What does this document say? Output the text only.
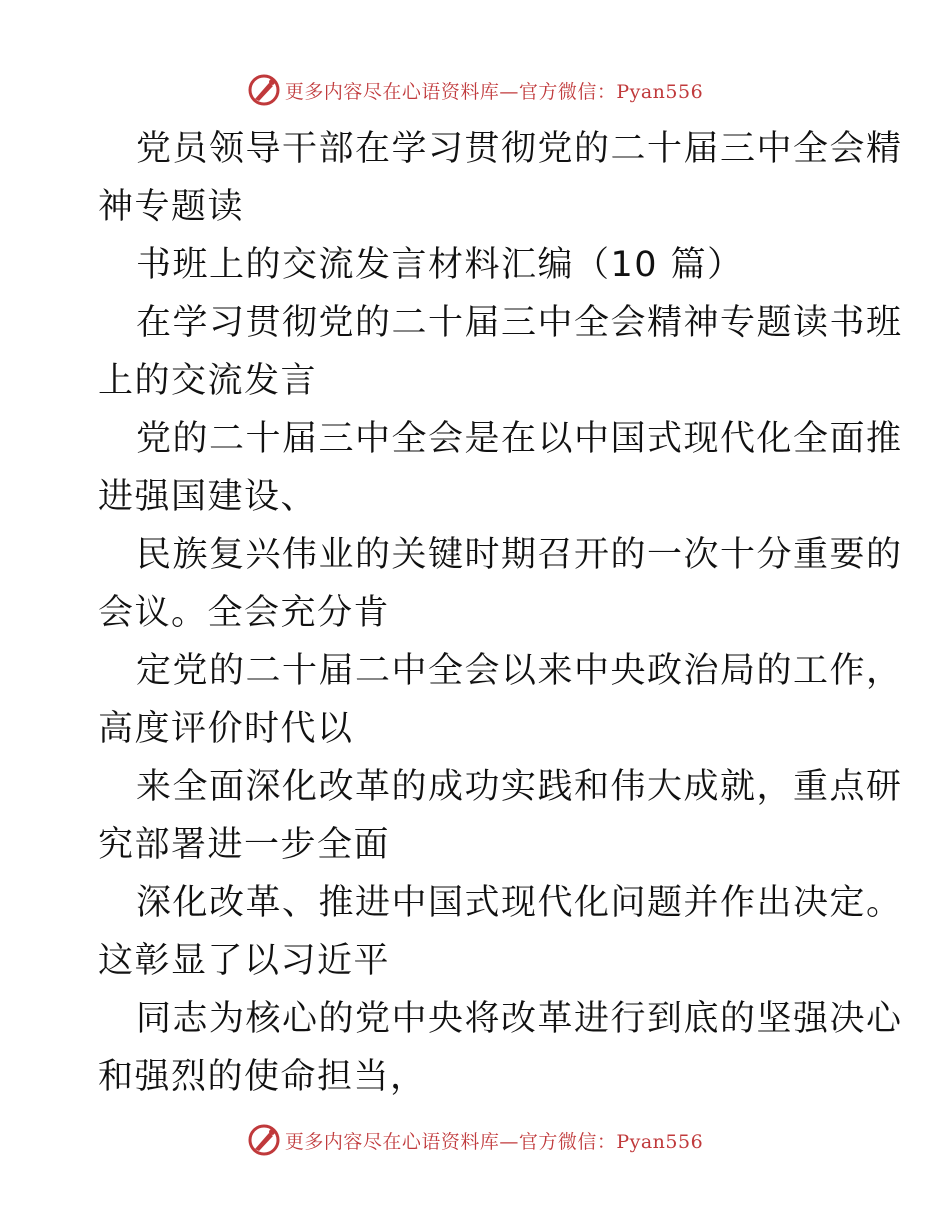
更多内容尽在心语资料库—官方微信：Pyan556

党员领导干部在学习贯彻党的二十届三中全会精
神专题读

书班上的交流发言材料汇编（10 篇）

在学习贯彻党的二十届三中全会精神专题读书班
上的交流发言

党的二十届三中全会是在以中国式现代化全面推
进强国建设、

民族复兴伟业的关键时期召开的一次十分重要的
会议。全会充分肯

定党的二十届二中全会以来中央政治局的工作，
高度评价时代以

来全面深化改革的成功实践和伟大成就，重点研
究部署进一步全面

深化改革、推进中国式现代化问题并作出决定。
这彰显了以习近平

同志为核心的党中央将改革进行到底的坚强决心
和强烈的使命担当，

更多内容尽在心语资料库—官方微信：Pyan556
